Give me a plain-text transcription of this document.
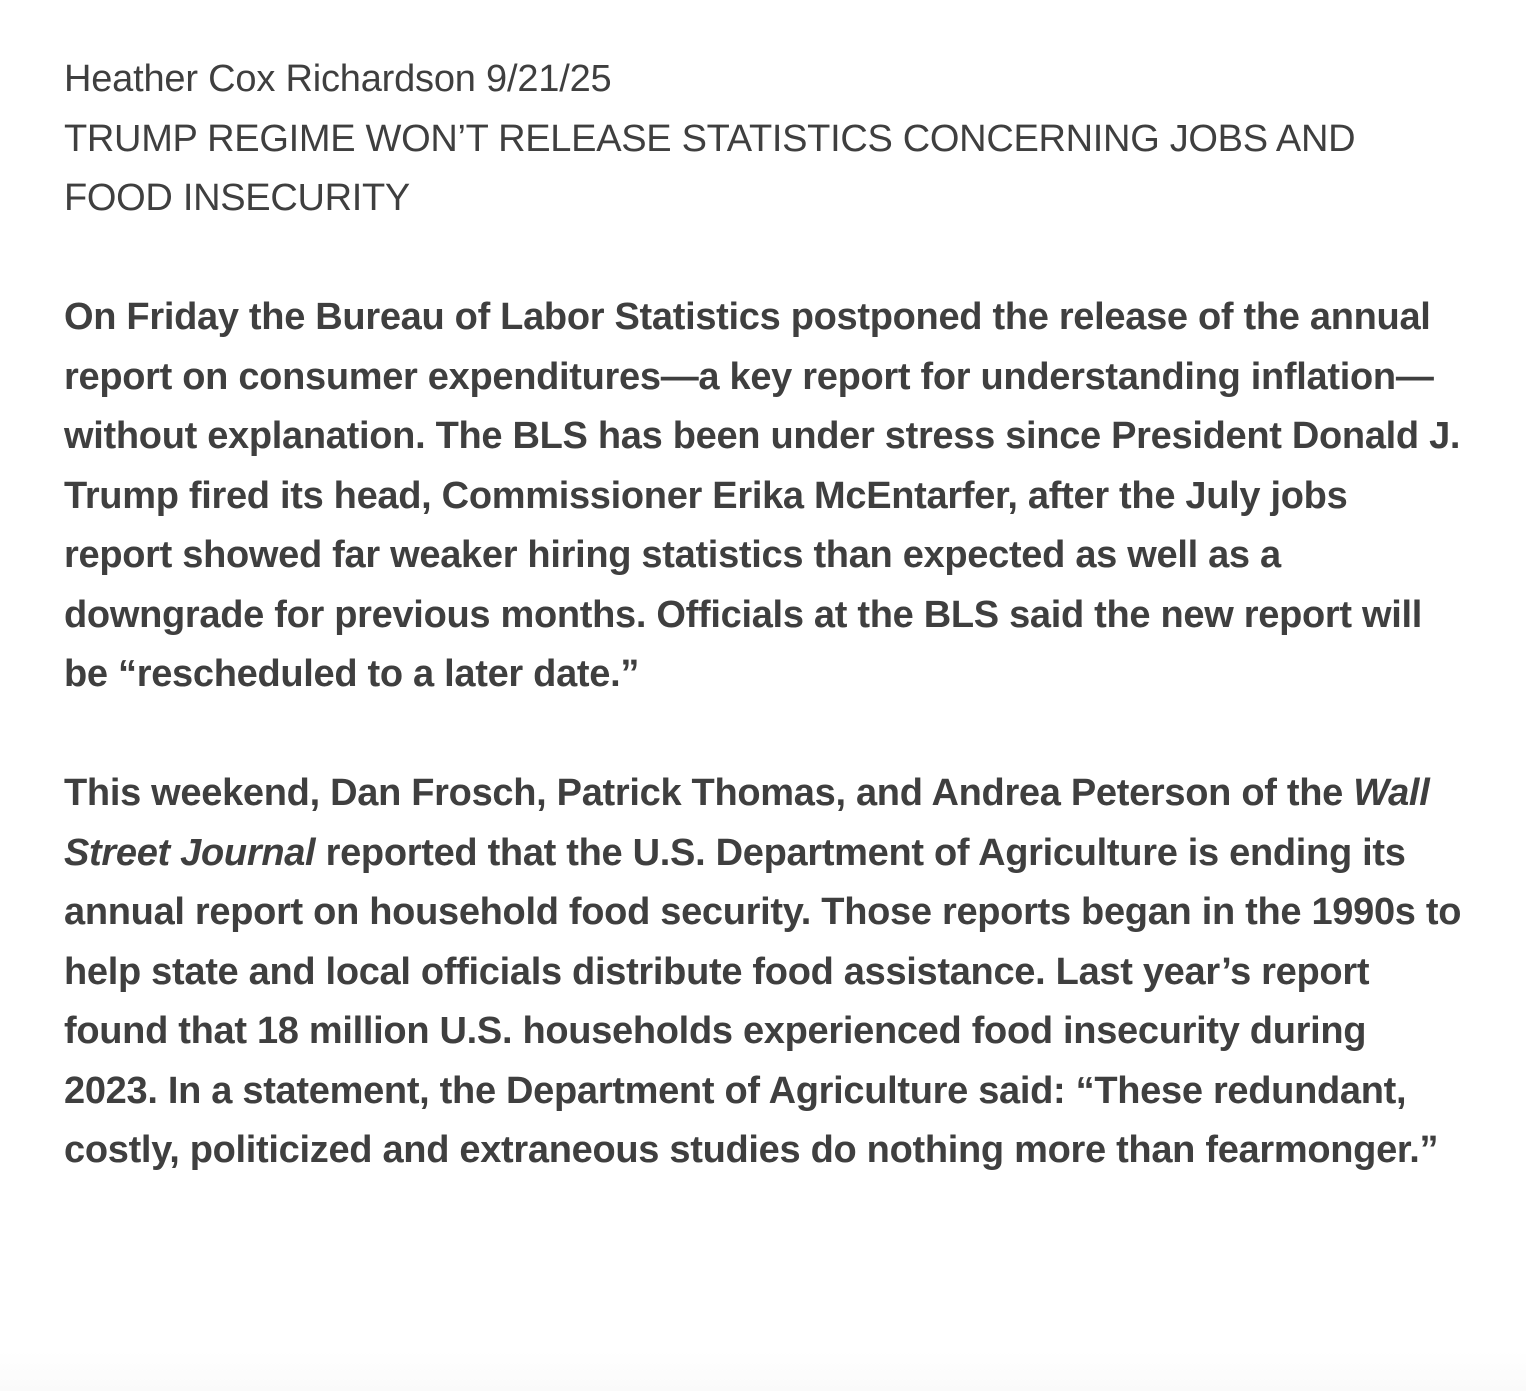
Heather Cox Richardson 9/21/25
TRUMP REGIME WON’T RELEASE STATISTICS CONCERNING JOBS AND FOOD INSECURITY

On Friday the Bureau of Labor Statistics postponed the release of the annual report on consumer expenditures—a key report for understanding inflation—without explanation. The BLS has been under stress since President Donald J. Trump fired its head, Commissioner Erika McEntarfer, after the July jobs report showed far weaker hiring statistics than expected as well as a downgrade for previous months. Officials at the BLS said the new report will be “rescheduled to a later date.”

This weekend, Dan Frosch, Patrick Thomas, and Andrea Peterson of the Wall Street Journal reported that the U.S. Department of Agriculture is ending its annual report on household food security. Those reports began in the 1990s to help state and local officials distribute food assistance. Last year’s report found that 18 million U.S. households experienced food insecurity during 2023. In a statement, the Department of Agriculture said: “These redundant, costly, politicized and extraneous studies do nothing more than fearmonger.”
